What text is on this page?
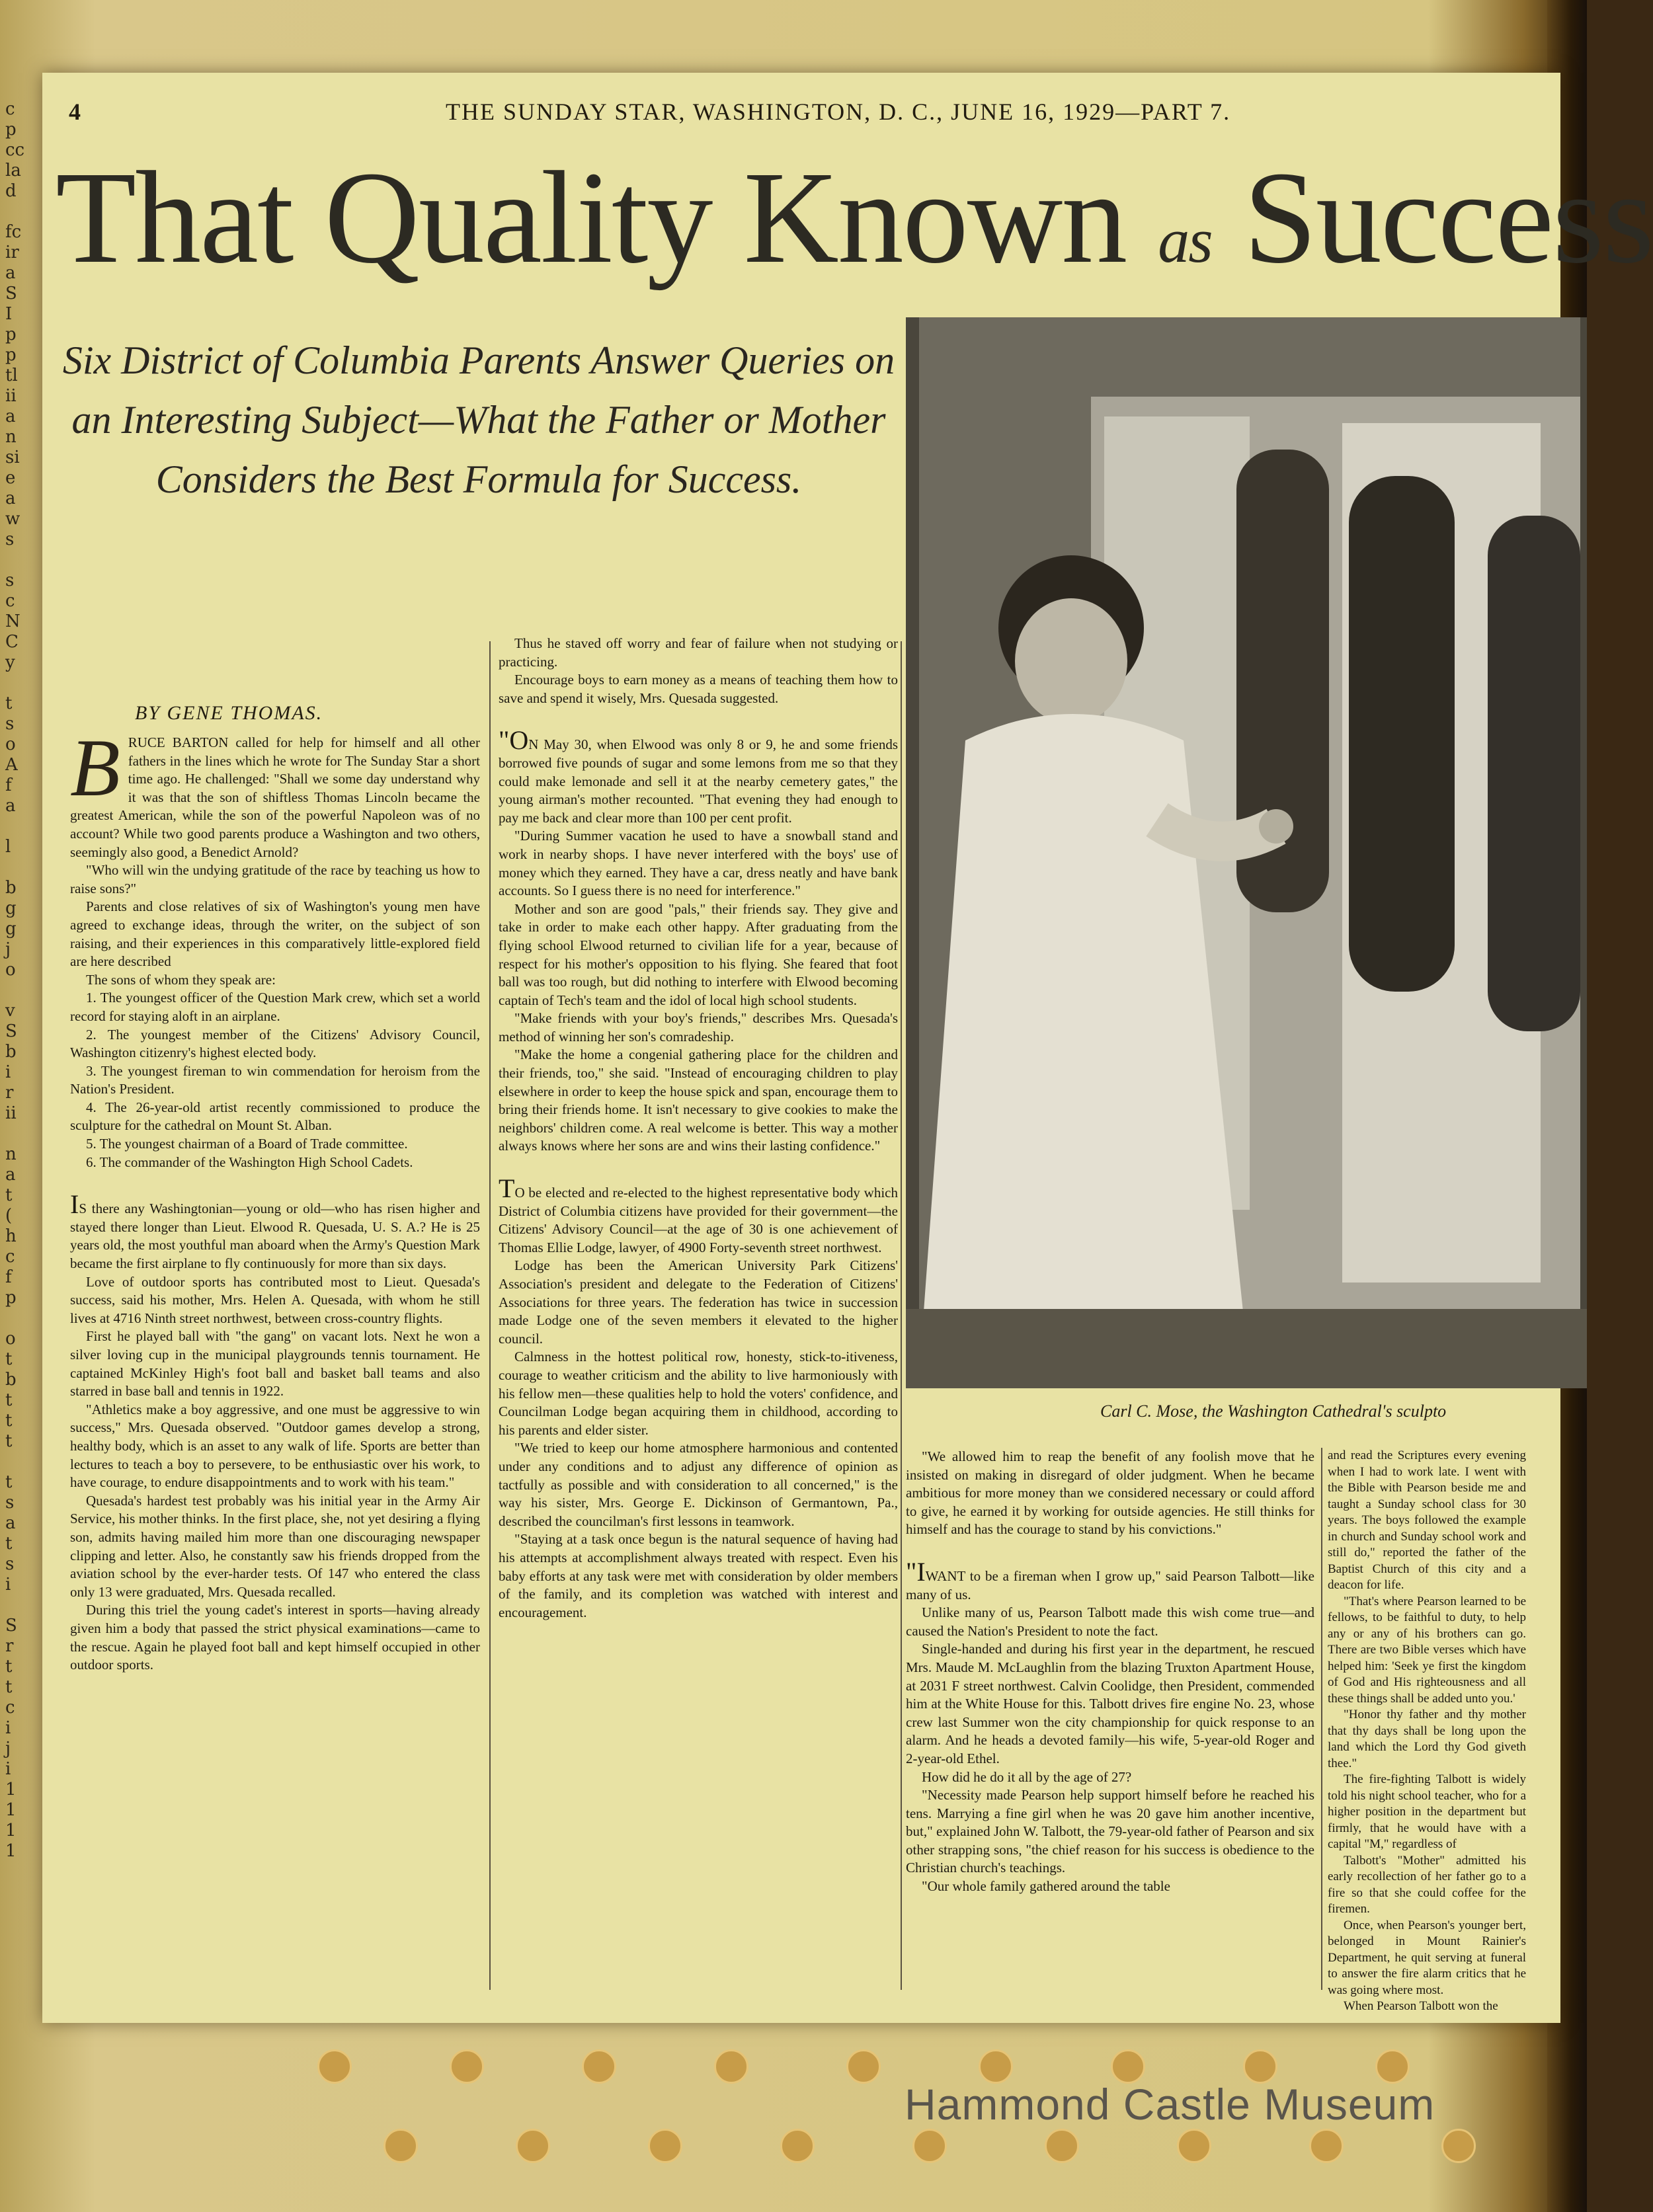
c
p
cc
la
d

fc
ir
a
S
I
p
p
tl
ii
a
n
si
e
a
w
s

s
c
N
C
y

t
s
o
A
f
a

l

b
g
g
j
o

v
S
b
i
r
ii

n
a
t
(
h
c
f
p

o
t
b
t
t
t

t
s
a
t
s
i

S
r
t
t
c
i
j
i
1
1
1
1
4	THE SUNDAY STAR, WASHINGTON, D. C., JUNE 16, 1929—PART 7.
That Quality Known as Success
Six District of Columbia Parents Answer Queries on an Interesting Subject—What the Father or Mother Considers the Best Formula for Success.
BY GENE THOMAS.

BRUCE BARTON called for help for himself and all other fathers in the lines which he wrote for The Sunday Star a short time ago. He challenged: "Shall we some day understand why it was that the son of shiftless Thomas Lincoln became the greatest American, while the son of the powerful Napoleon was of no account? While two good parents produce a Washington and two others, seemingly also good, a Benedict Arnold?

"Who will win the undying gratitude of the race by teaching us how to raise sons?"

Parents and close relatives of six of Washington's young men have agreed to exchange ideas, through the writer, on the subject of son raising, and their experiences in this comparatively little-explored field are here described

The sons of whom they speak are:

1. The youngest officer of the Question Mark crew, which set a world record for staying aloft in an airplane.

2. The youngest member of the Citizens' Advisory Council, Washington citizenry's highest elected body.

3. The youngest fireman to win commendation for heroism from the Nation's President.

4. The 26-year-old artist recently commissioned to produce the sculpture for the cathedral on Mount St. Alban.

5. The youngest chairman of a Board of Trade committee.

6. The commander of the Washington High School Cadets.

IS there any Washingtonian—young or old—who has risen higher and stayed there longer than Lieut. Elwood R. Quesada, U. S. A.? He is 25 years old, the most youthful man aboard when the Army's Question Mark became the first airplane to fly continuously for more than six days.

Love of outdoor sports has contributed most to Lieut. Quesada's success, said his mother, Mrs. Helen A. Quesada, with whom he still lives at 4716 Ninth street northwest, between cross-country flights.

First he played ball with "the gang" on vacant lots. Next he won a silver loving cup in the municipal playgrounds tennis tournament. He captained McKinley High's foot ball and basket ball teams and also starred in base ball and tennis in 1922.

"Athletics make a boy aggressive, and one must be aggressive to win success," Mrs. Quesada observed. "Outdoor games develop a strong, healthy body, which is an asset to any walk of life. Sports are better than lectures to teach a boy to persevere, to be enthusiastic over his work, to have courage, to endure disappointments and to work with his team."

Quesada's hardest test probably was his initial year in the Army Air Service, his mother thinks. In the first place, she, not yet desiring a flying son, admits having mailed him more than one discouraging newspaper clipping and letter. Also, he constantly saw his friends dropped from the aviation school by the ever-harder tests. Of 147 who entered the class only 13 were graduated, Mrs. Quesada recalled.

During this triel the young cadet's interest in sports—having already given him a body that passed the strict physical examinations—came to the rescue. Again he played foot ball and kept himself occupied in other outdoor sports.

Thus he staved off worry and fear of failure when not studying or practicing.

Encourage boys to earn money as a means of teaching them how to save and spend it wisely, Mrs. Quesada suggested.

"ON May 30, when Elwood was only 8 or 9, he and some friends borrowed five pounds of sugar and some lemons from me so that they could make lemonade and sell it at the nearby cemetery gates," the young airman's mother recounted. "That evening they had enough to pay me back and clear more than 100 per cent profit.

"During Summer vacation he used to have a snowball stand and work in nearby shops. I have never interfered with the boys' use of money which they earned. They have a car, dress neatly and have bank accounts. So I guess there is no need for interference."

Mother and son are good "pals," their friends say. They give and take in order to make each other happy. After graduating from the flying school Elwood returned to civilian life for a year, because of respect for his mother's opposition to his flying. She feared that foot ball was too rough, but did nothing to interfere with Elwood becoming captain of Tech's team and the idol of local high school students.

"Make friends with your boy's friends," describes Mrs. Quesada's method of winning her son's comradeship.

"Make the home a congenial gathering place for the children and their friends, too," she said. "Instead of encouraging children to play elsewhere in order to keep the house spick and span, encourage them to bring their friends home. It isn't necessary to give cookies to make the neighbors' children come. A real welcome is better. This way a mother always knows where her sons are and wins their lasting confidence."

TO be elected and re-elected to the highest representative body which District of Columbia citizens have provided for their government—the Citizens' Advisory Council—at the age of 30 is one achievement of Thomas Ellie Lodge, lawyer, of 4900 Forty-seventh street northwest.

Lodge has been the American University Park Citizens' Association's president and delegate to the Federation of Citizens' Associations for three years. The federation has twice in succession made Lodge one of the seven members it elevated to the higher council.

Calmness in the hottest political row, honesty, stick-to-itiveness, courage to weather criticism and the ability to live harmoniously with his fellow men—these qualities help to hold the voters' confidence, and Councilman Lodge began acquiring them in childhood, according to his parents and elder sister.

"We tried to keep our home atmosphere harmonious and contented under any conditions and to adjust any difference of opinion as tactfully as possible and with consideration to all concerned," is the way his sister, Mrs. George E. Dickinson of Germantown, Pa., described the councilman's first lessons in teamwork.

"Staying at a task once begun is the natural sequence of having had his attempts at accomplishment always treated with respect. Even his baby efforts at any task were met with consideration by older members of the family, and its completion was watched with interest and encouragement.

Carl C. Mose, the Washington Cathedral's sculpto

"We allowed him to reap the benefit of any foolish move that he insisted on making in disregard of older judgment. When he became ambitious for more money than we considered necessary or could afford to give, he earned it by working for outside agencies. He still thinks for himself and has the courage to stand by his convictions."

"IWANT to be a fireman when I grow up," said Pearson Talbott—like many of us.

Unlike many of us, Pearson Talbott made this wish come true—and caused the Nation's President to note the fact.

Single-handed and during his first year in the department, he rescued Mrs. Maude M. McLaughlin from the blazing Truxton Apartment House, at 2031 F street northwest. Calvin Coolidge, then President, commended him at the White House for this. Talbott drives fire engine No. 23, whose crew last Summer won the city championship for quick response to an alarm. And he heads a devoted family—his wife, 5-year-old Roger and 2-year-old Ethel.

How did he do it all by the age of 27?

"Necessity made Pearson help support himself before he reached his tens. Marrying a fine girl when he was 20 gave him another incentive, but," explained John W. Talbott, the 79-year-old father of Pearson and six other strapping sons, "the chief reason for his success is obedience to the Christian church's teachings.

"Our whole family gathered around the table

and read the Scriptures every evening when I had to work late. I went with the Bible with Pearson beside me and taught a Sunday school class for 30 years. The boys followed the example in church and Sunday school work and still do," reported the father of the Baptist Church of this city and a deacon for life.

"That's where Pearson learned to be fellows, to be faithful to duty, to help any or any of his brothers can go. There are two Bible verses which have helped him: 'Seek ye first the kingdom of God and His righteousness and all these things shall be added unto you.'

"Honor thy father and thy mother that thy days shall be long upon the land which the Lord thy God giveth thee."

The fire-fighting Talbott is widely told his night school teacher, who for a higher position in the department but firmly, that he would have with a capital "M," regardless of

Talbott's "Mother" admitted his early recollection of her father go to a fire so that she could coffee for the firemen.

Once, when Pearson's younger bert, belonged in Mount Rainier's Department, he quit serving at funeral to answer the fire alarm critics that he was going where most.

When Pearson Talbott won the

Hammond Castle Museum
